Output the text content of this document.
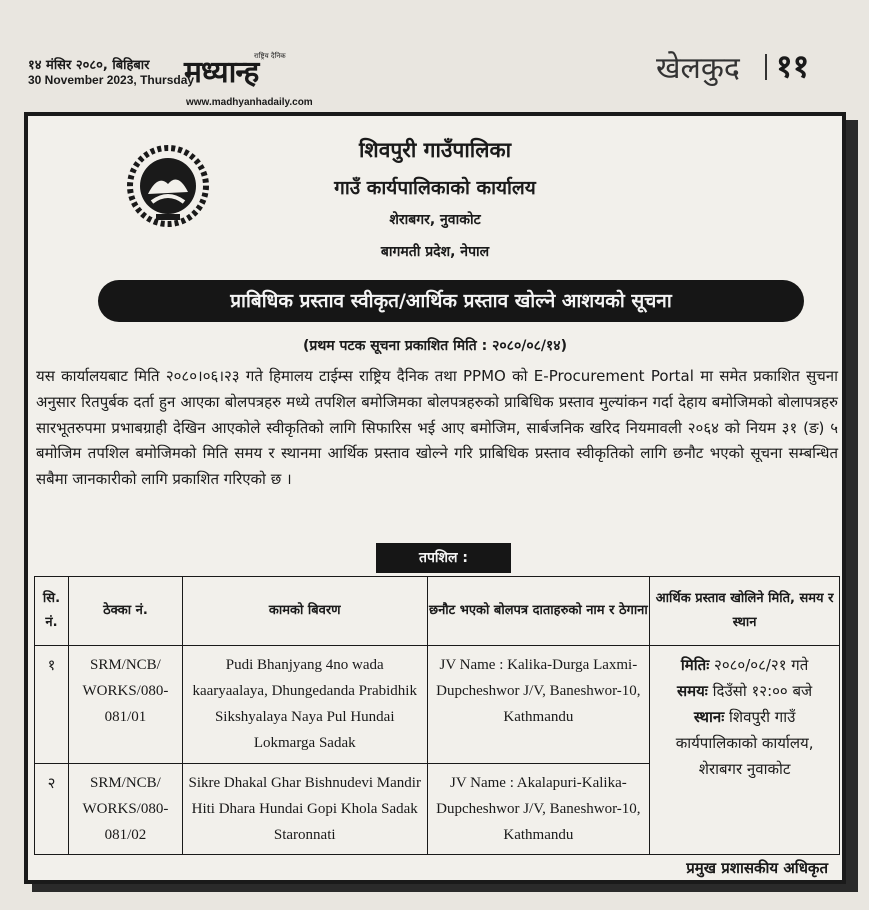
१४ मंसिर २०८०, बिहिबार
30 November 2023, Thursday
मध्यान्ह
राष्ट्रिय दैनिक
www.madhyanhadaily.com
खेलकुद ११
शिवपुरी गाउँपालिका
गाउँ कार्यपालिकाको कार्यालय
शेराबगर, नुवाकोट
बागमती प्रदेश, नेपाल
प्राबिधिक प्रस्ताव स्वीकृत/आर्थिक प्रस्ताव खोल्ने आशयको सूचना
(प्रथम पटक सूचना प्रकाशित मिति : २०८०/०८/१४)
यस कार्यालयबाट मिति २०८०।०६।२३ गते हिमालय टाईम्स राष्ट्रिय दैनिक तथा PPMO को E-Procurement Portal मा समेत प्रकाशित सुचना अनुसार रितपुर्बक दर्ता हुन आएका बोलपत्रहरु मध्ये तपशिल बमोजिमका बोलपत्रहरुको प्राबिधिक प्रस्ताव मुल्यांकन गर्दा देहाय बमोजिमको बोलापत्रहरु सारभूतरुपमा प्रभाबग्राही देखिन आएकोले स्वीकृतिको लागि सिफारिस भई आए बमोजिम, सार्बजनिक खरिद नियमावली २०६४ को नियम ३१ (ङ) ५ बमोजिम तपशिल बमोजिमको मिति समय र स्थानमा आर्थिक प्रस्ताव खोल्ने गरि प्राबिधिक प्रस्ताव स्वीकृतिको लागि छनौट भएको सूचना सम्बन्धित सबैमा जानकारीको लागि प्रकाशित गरिएको छ ।
तपशिल :
सि. नं.	ठेक्का नं.	कामको बिवरण	छनौट भएको बोलपत्र दाताहरुको नाम र ठेगाना	आर्थिक प्रस्ताव खोलिने मिति, समय र स्थान
१	SRM/NCB/ WORKS/080- 081/01	Pudi Bhanjyang 4no wada kaaryaalaya, Dhungedanda Prabidhik Sikshyalaya Naya Pul Hundai Lokmarga Sadak	JV Name : Kalika-Durga Laxmi-Dupcheshwor J/V, Baneshwor-10, Kathmandu	मितिः २०८०/०८/२१ गते
समयः दिउँसो १२:०० बजे
स्थानः शिवपुरी गाउँ कार्यपालिकाको कार्यालय, शेराबगर नुवाकोट

२	SRM/NCB/ WORKS/080- 081/02	Sikre Dhakal Ghar Bishnudevi Mandir Hiti Dhara Hundai Gopi Khola Sadak Staronnati	JV Name : Akalapuri-Kalika- Dupcheshwor J/V, Baneshwor-10, Kathmandu	
प्रमुख प्रशासकीय अधिकृत
